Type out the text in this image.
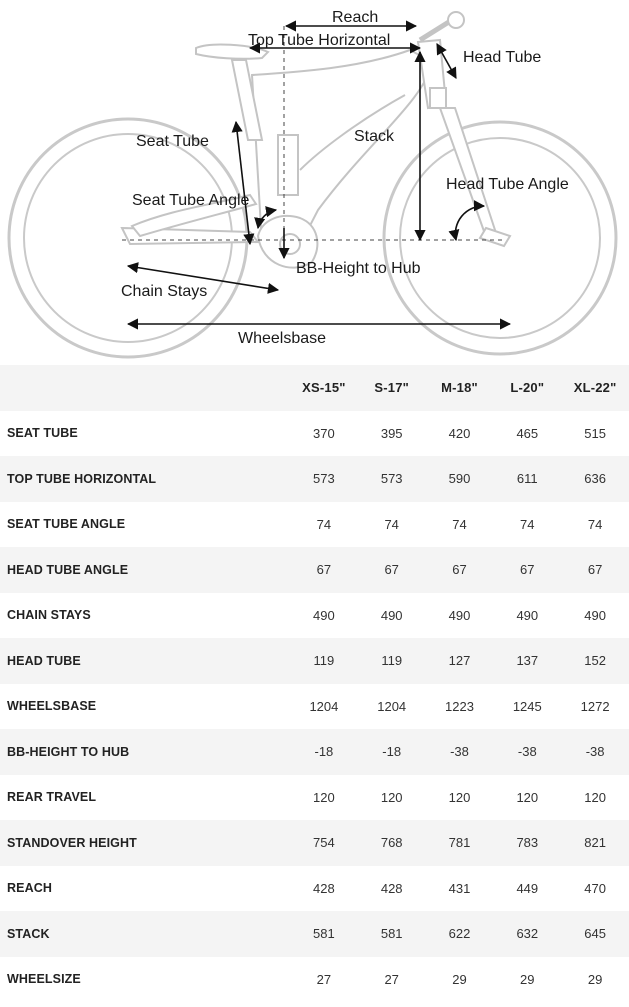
Reach
Top Tube Horizontal
Head Tube
Seat Tube	Stack
Head Tube Angle
Seat Tube Angle
BB-Height to Hub
Chain Stays
Wheelsbase
	XS-15"	S-17"	M-18"	L-20"	XL-22"
SEAT TUBE	370	395	420	465	515
TOP TUBE HORIZONTAL	573	573	590	611	636
SEAT TUBE ANGLE	74	74	74	74	74
HEAD TUBE ANGLE	67	67	67	67	67
CHAIN STAYS	490	490	490	490	490
HEAD TUBE	119	119	127	137	152
WHEELSBASE	1204	1204	1223	1245	1272
BB-HEIGHT TO HUB	-18	-18	-38	-38	-38
REAR TRAVEL	120	120	120	120	120
STANDOVER HEIGHT	754	768	781	783	821
REACH	428	428	431	449	470
STACK	581	581	622	632	645
WHEELSIZE	27	27	29	29	29
